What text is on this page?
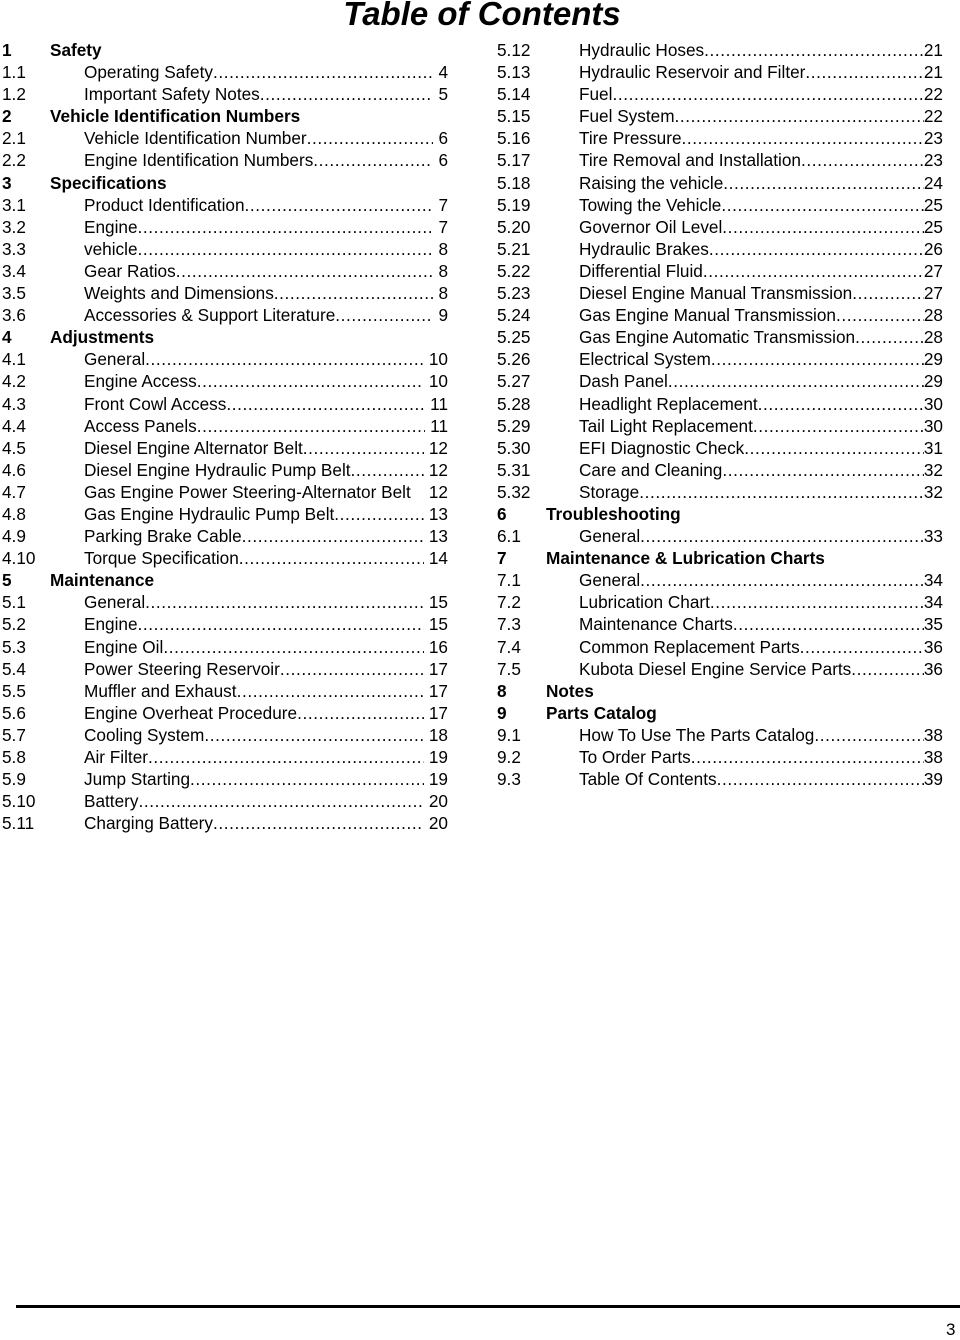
Table of Contents
1 Safety
1.1	Operating Safety .....	4
1.2	Important Safety Notes .....	5
2 Vehicle Identification Numbers
2.1	Vehicle Identification Number .....	6
2.2	Engine Identification Numbers .....	6
3 Specifications
3.1	Product Identification .....	7
3.2	Engine .....	7
3.3	vehicle .....	8
3.4	Gear Ratios .....	8
3.5	Weights and Dimensions .....	8
3.6	Accessories & Support Literature .....	9
4 Adjustments
4.1	General .....	10
4.2	Engine Access .....	10
4.3	Front Cowl Access .....	11
4.4	Access Panels .....	11
4.5	Diesel Engine Alternator Belt .....	12
4.6	Diesel Engine Hydraulic Pump Belt .....	12
4.7	Gas Engine Power Steering-Alternator Belt	12
4.8	Gas Engine Hydraulic Pump Belt .....	13
4.9	Parking Brake Cable .....	13
4.10	Torque Specification .....	14
5 Maintenance
5.1	General .....	15
5.2	Engine .....	15
5.3	Engine Oil .....	16
5.4	Power Steering Reservoir .....	17
5.5	Muffler and Exhaust .....	17
5.6	Engine Overheat Procedure .....	17
5.7	Cooling System .....	18
5.8	Air Filter .....	19
5.9	Jump Starting .....	19
5.10	Battery .....	20
5.11	Charging Battery .....	20
5.12	Hydraulic Hoses .....	21
5.13	Hydraulic Reservoir and Filter .....	21
5.14	Fuel .....	22
5.15	Fuel System .....	22
5.16	Tire Pressure .....	23
5.17	Tire Removal and Installation .....	23
5.18	Raising the vehicle .....	24
5.19	Towing the Vehicle .....	25
5.20	Governor Oil Level .....	25
5.21	Hydraulic Brakes .....	26
5.22	Differential Fluid .....	27
5.23	Diesel Engine Manual Transmission .....	27
5.24	Gas Engine Manual Transmission .....	28
5.25	Gas Engine Automatic Transmission .....	28
5.26	Electrical System .....	29
5.27	Dash Panel .....	29
5.28	Headlight Replacement .....	30
5.29	Tail Light Replacement .....	30
5.30	EFI Diagnostic Check .....	31
5.31	Care and Cleaning .....	32
5.32	Storage .....	32
6 Troubleshooting
6.1	General .....	33
7 Maintenance & Lubrication Charts
7.1	General .....	34
7.2	Lubrication Chart .....	34
7.3	Maintenance Charts .....	35
7.4	Common Replacement Parts .....	36
7.5	Kubota Diesel Engine Service Parts .....	36
8 Notes
9 Parts Catalog
9.1	How To Use The Parts Catalog .....	38
9.2	To Order Parts .....	38
9.3	Table Of Contents .....	39
3
